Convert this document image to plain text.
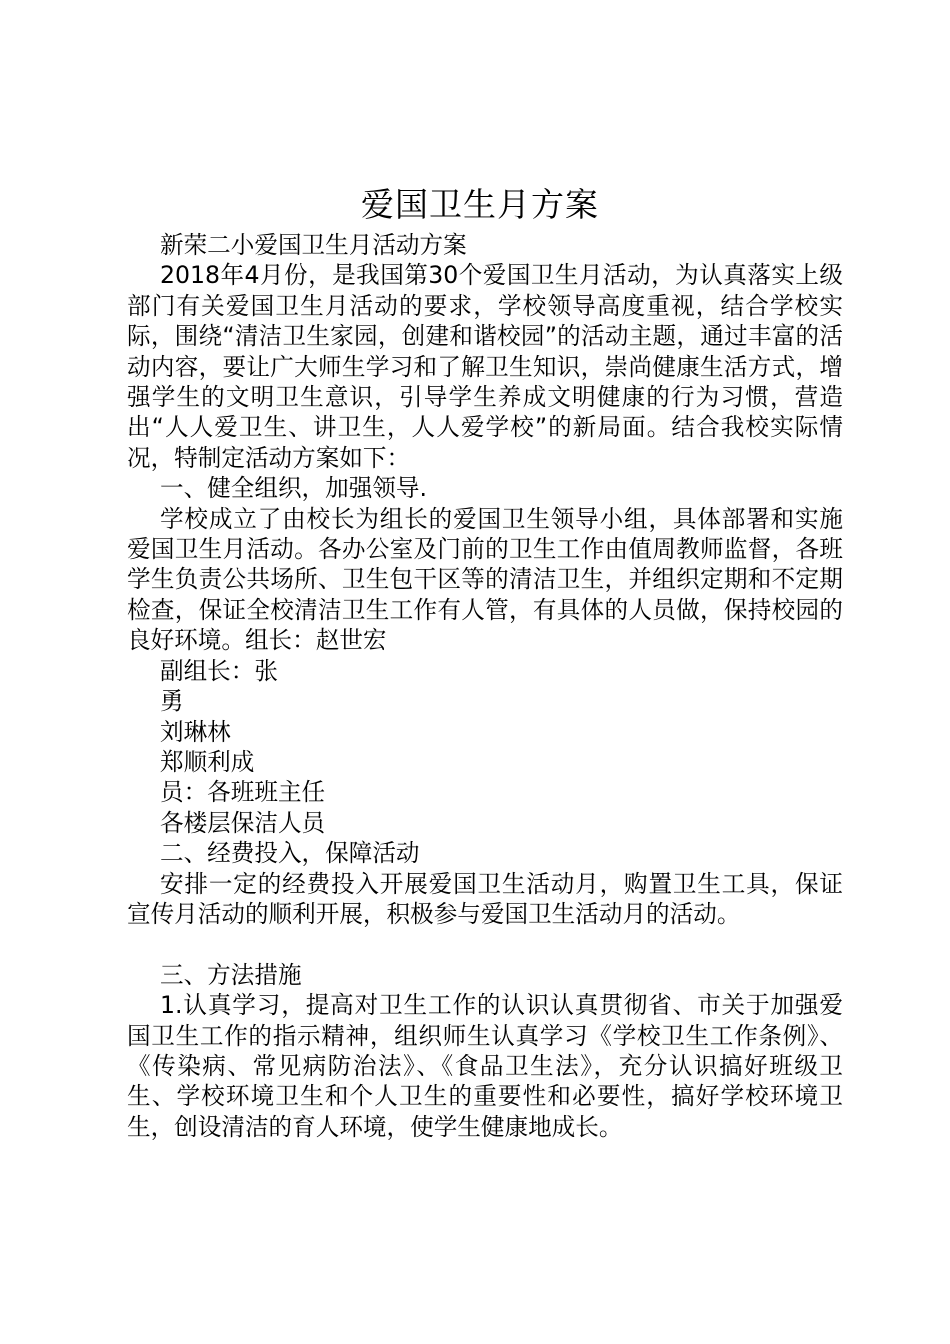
爱国卫生月方案

新荣二小爱国卫生月活动方案

2018年4月份，是我国第30个爱国卫生月活动，为认真落实上级部门有关爱国卫生月活动的要求，学校领导高度重视，结合学校实际，围绕“清洁卫生家园，创建和谐校园”的活动主题，通过丰富的活动内容，要让广大师生学习和了解卫生知识，崇尚健康生活方式，增强学生的文明卫生意识，引导学生养成文明健康的行为习惯，营造出“人人爱卫生、讲卫生，人人爱学校”的新局面。结合我校实际情况，特制定活动方案如下：

一、健全组织，加强领导.

学校成立了由校长为组长的爱国卫生领导小组，具体部署和实施爱国卫生月活动。各办公室及门前的卫生工作由值周教师监督，各班学生负责公共场所、卫生包干区等的清洁卫生，并组织定期和不定期检查，保证全校清洁卫生工作有人管，有具体的人员做，保持校园的良好环境。组长：赵世宏

副组长：张

勇

刘琳林

郑顺利成

员：各班班主任

各楼层保洁人员

二、经费投入，保障活动

安排一定的经费投入开展爱国卫生活动月，购置卫生工具，保证宣传月活动的顺利开展，积极参与爱国卫生活动月的活动。

三、方法措施

1.认真学习，提高对卫生工作的认识认真贯彻省、市关于加强爱国卫生工作的指示精神，组织师生认真学习《学校卫生工作条例》、《传染病、常见病防治法》、《食品卫生法》，充分认识搞好班级卫生、学校环境卫生和个人卫生的重要性和必要性，搞好学校环境卫生，创设清洁的育人环境，使学生健康地成长。
